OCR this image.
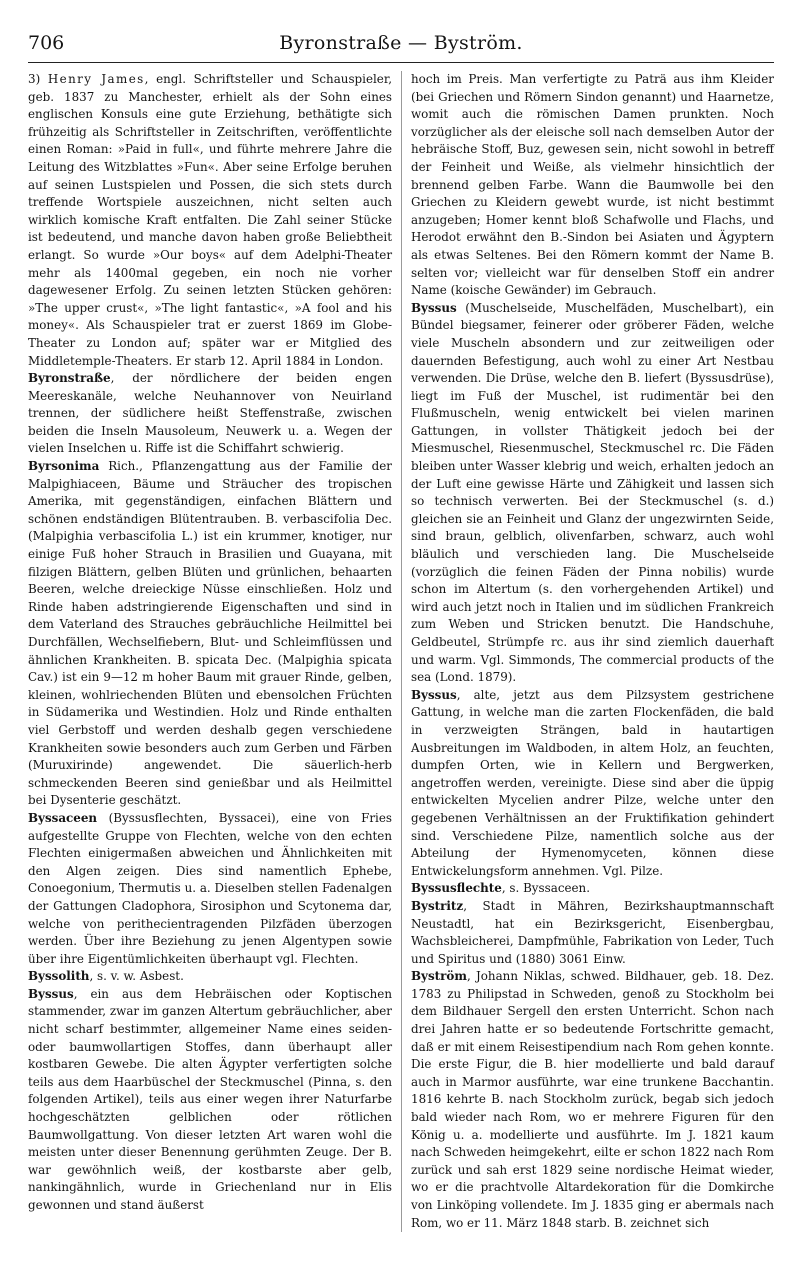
706	Byronstraße — Byström.

3) Henry James, engl. Schriftsteller und Schauspieler, geb. 1837 zu Manchester, erhielt als der Sohn eines englischen Konsuls eine gute Erziehung, bethätigte sich frühzeitig als Schriftsteller in Zeitschriften, veröffentlichte einen Roman: »Paid in full«, und führte mehrere Jahre die Leitung des Witzblattes »Fun«. Aber seine Erfolge beruhen auf seinen Lustspielen und Possen, die sich stets durch treffende Wortspiele auszeichnen, nicht selten auch wirklich komische Kraft entfalten. Die Zahl seiner Stücke ist bedeutend, und manche davon haben große Beliebtheit erlangt. So wurde »Our boys« auf dem Adelphi-Theater mehr als 1400mal gegeben, ein noch nie vorher dagewesener Erfolg. Zu seinen letzten Stücken gehören: »The upper crust«, »The light fantastic«, »A fool and his money«. Als Schauspieler trat er zuerst 1869 im Globe-Theater zu London auf; später war er Mitglied des Middletemple-Theaters. Er starb 12. April 1884 in London.

Byronstraße, der nördlichere der beiden engen Meereskanäle, welche Neuhannover von Neuirland trennen, der südlichere heißt Steffenstraße, zwischen beiden die Inseln Mausoleum, Neuwerk u. a. Wegen der vielen Inselchen u. Riffe ist die Schiffahrt schwierig.

Byrsonima Rich., Pflanzengattung aus der Familie der Malpighiaceen, Bäume und Sträucher des tropischen Amerika, mit gegenständigen, einfachen Blättern und schönen endständigen Blütentrauben. B. verbascifolia Dec. (Malpighia verbascifolia L.) ist ein krummer, knotiger, nur einige Fuß hoher Strauch in Brasilien und Guayana, mit filzigen Blättern, gelben Blüten und grünlichen, behaarten Beeren, welche dreieckige Nüsse einschließen. Holz und Rinde haben adstringierende Eigenschaften und sind in dem Vaterland des Strauches gebräuchliche Heilmittel bei Durchfällen, Wechselfiebern, Blut- und Schleimflüssen und ähnlichen Krankheiten. B. spicata Dec. (Malpighia spicata Cav.) ist ein 9—12 m hoher Baum mit grauer Rinde, gelben, kleinen, wohlriechenden Blüten und ebensolchen Früchten in Südamerika und Westindien. Holz und Rinde enthalten viel Gerbstoff und werden deshalb gegen verschiedene Krankheiten sowie besonders auch zum Gerben und Färben (Muruxirinde) angewendet. Die säuerlich-herb schmeckenden Beeren sind genießbar und als Heilmittel bei Dysenterie geschätzt.

Byssaceen (Byssusflechten, Byssacei), eine von Fries aufgestellte Gruppe von Flechten, welche von den echten Flechten einigermaßen abweichen und Ähnlichkeiten mit den Algen zeigen. Dies sind namentlich Ephebe, Conoegonium, Thermutis u. a. Dieselben stellen Fadenalgen der Gattungen Cladophora, Sirosiphon und Scytonema dar, welche von perithecientragenden Pilzfäden überzogen werden. Über ihre Beziehung zu jenen Algentypen sowie über ihre Eigentümlichkeiten überhaupt vgl. Flechten.

Byssolith, s. v. w. Asbest.

Byssus, ein aus dem Hebräischen oder Koptischen stammender, zwar im ganzen Altertum gebräuchlicher, aber nicht scharf bestimmter, allgemeiner Name eines seiden- oder baumwollartigen Stoffes, dann überhaupt aller kostbaren Gewebe. Die alten Ägypter verfertigten solche teils aus dem Haarbüschel der Steckmuschel (Pinna, s. den folgenden Artikel), teils aus einer wegen ihrer Naturfarbe hochgeschätzten gelblichen oder rötlichen Baumwollgattung. Von dieser letzten Art waren wohl die meisten unter dieser Benennung gerühmten Zeuge. Der B. war gewöhnlich weiß, der kostbarste aber gelb, nankingähnlich, wurde in Griechenland nur in Elis gewonnen und stand äußerst

hoch im Preis. Man verfertigte zu Paträ aus ihm Kleider (bei Griechen und Römern Sindon genannt) und Haarnetze, womit auch die römischen Damen prunkten. Noch vorzüglicher als der eleische soll nach demselben Autor der hebräische Stoff, Buz, gewesen sein, nicht sowohl in betreff der Feinheit und Weiße, als vielmehr hinsichtlich der brennend gelben Farbe. Wann die Baumwolle bei den Griechen zu Kleidern gewebt wurde, ist nicht bestimmt anzugeben; Homer kennt bloß Schafwolle und Flachs, und Herodot erwähnt den B.-Sindon bei Asiaten und Ägyptern als etwas Seltenes. Bei den Römern kommt der Name B. selten vor; vielleicht war für denselben Stoff ein andrer Name (koische Gewänder) im Gebrauch.

Byssus (Muschelseide, Muschelfäden, Muschelbart), ein Bündel biegsamer, feinerer oder gröberer Fäden, welche viele Muscheln absondern und zur zeitweiligen oder dauernden Befestigung, auch wohl zu einer Art Nestbau verwenden. Die Drüse, welche den B. liefert (Byssusdrüse), liegt im Fuß der Muschel, ist rudimentär bei den Flußmuscheln, wenig entwickelt bei vielen marinen Gattungen, in vollster Thätigkeit jedoch bei der Miesmuschel, Riesenmuschel, Steckmuschel rc. Die Fäden bleiben unter Wasser klebrig und weich, erhalten jedoch an der Luft eine gewisse Härte und Zähigkeit und lassen sich so technisch verwerten. Bei der Steckmuschel (s. d.) gleichen sie an Feinheit und Glanz der ungezwirnten Seide, sind braun, gelblich, olivenfarben, schwarz, auch wohl bläulich und verschieden lang. Die Muschelseide (vorzüglich die feinen Fäden der Pinna nobilis) wurde schon im Altertum (s. den vorhergehenden Artikel) und wird auch jetzt noch in Italien und im südlichen Frankreich zum Weben und Stricken benutzt. Die Handschuhe, Geldbeutel, Strümpfe rc. aus ihr sind ziemlich dauerhaft und warm. Vgl. Simmonds, The commercial products of the sea (Lond. 1879).

Byssus, alte, jetzt aus dem Pilzsystem gestrichene Gattung, in welche man die zarten Flockenfäden, die bald in verzweigten Strängen, bald in hautartigen Ausbreitungen im Waldboden, in altem Holz, an feuchten, dumpfen Orten, wie in Kellern und Bergwerken, angetroffen werden, vereinigte. Diese sind aber die üppig entwickelten Mycelien andrer Pilze, welche unter den gegebenen Verhältnissen an der Fruktifikation gehindert sind. Verschiedene Pilze, namentlich solche aus der Abteilung der Hymenomyceten, können diese Entwickelungsform annehmen. Vgl. Pilze.

Byssusflechte, s. Byssaceen.

Bystritz, Stadt in Mähren, Bezirkshauptmannschaft Neustadtl, hat ein Bezirksgericht, Eisenbergbau, Wachsbleicherei, Dampfmühle, Fabrikation von Leder, Tuch und Spiritus und (1880) 3061 Einw.

Byström, Johann Niklas, schwed. Bildhauer, geb. 18. Dez. 1783 zu Philipstad in Schweden, genoß zu Stockholm bei dem Bildhauer Sergell den ersten Unterricht. Schon nach drei Jahren hatte er so bedeutende Fortschritte gemacht, daß er mit einem Reisestipendium nach Rom gehen konnte. Die erste Figur, die B. hier modellierte und bald darauf auch in Marmor ausführte, war eine trunkene Bacchantin. 1816 kehrte B. nach Stockholm zurück, begab sich jedoch bald wieder nach Rom, wo er mehrere Figuren für den König u. a. modellierte und ausführte. Im J. 1821 kaum nach Schweden heimgekehrt, eilte er schon 1822 nach Rom zurück und sah erst 1829 seine nordische Heimat wieder, wo er die prachtvolle Altardekoration für die Domkirche von Linköping vollendete. Im J. 1835 ging er abermals nach Rom, wo er 11. März 1848 starb. B. zeichnet sich
